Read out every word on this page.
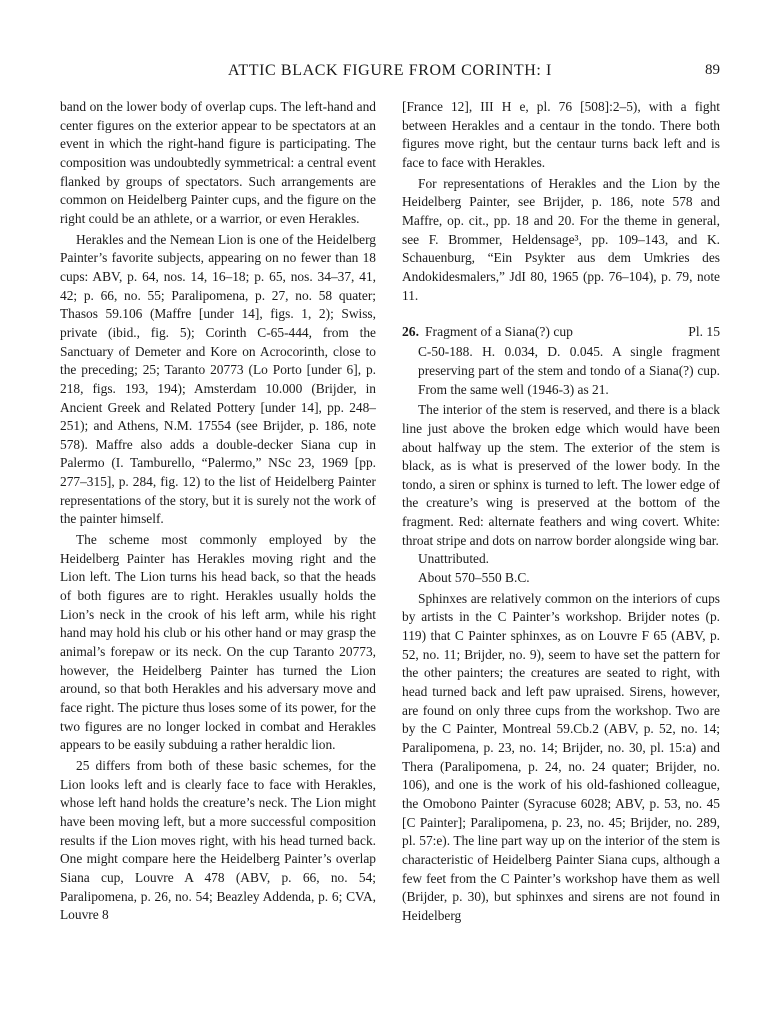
ATTIC BLACK FIGURE FROM CORINTH: I	89

band on the lower body of overlap cups. The left-hand and center figures on the exterior appear to be spectators at an event in which the right-hand figure is participating. The composition was undoubtedly symmetrical: a central event flanked by groups of spectators. Such arrangements are common on Heidelberg Painter cups, and the figure on the right could be an athlete, or a warrior, or even Herakles.

Herakles and the Nemean Lion is one of the Heidelberg Painter’s favorite subjects, appearing on no fewer than 18 cups: ABV, p. 64, nos. 14, 16–18; p. 65, nos. 34–37, 41, 42; p. 66, no. 55; Paralipomena, p. 27, no. 58 quater; Thasos 59.106 (Maffre [under 14], figs. 1, 2); Swiss, private (ibid., fig. 5); Corinth C-65-444, from the Sanctuary of Demeter and Kore on Acrocorinth, close to the preceding; 25; Taranto 20773 (Lo Porto [under 6], p. 218, figs. 193, 194); Amsterdam 10.000 (Brijder, in Ancient Greek and Related Pottery [under 14], pp. 248–251); and Athens, N.M. 17554 (see Brijder, p. 186, note 578). Maffre also adds a double-decker Siana cup in Palermo (I. Tamburello, “Palermo,” NSc 23, 1969 [pp. 277–315], p. 284, fig. 12) to the list of Heidelberg Painter representations of the story, but it is surely not the work of the painter himself.

The scheme most commonly employed by the Heidelberg Painter has Herakles moving right and the Lion left. The Lion turns his head back, so that the heads of both figures are to right. Herakles usually holds the Lion’s neck in the crook of his left arm, while his right hand may hold his club or his other hand or may grasp the animal’s forepaw or its neck. On the cup Taranto 20773, however, the Heidelberg Painter has turned the Lion around, so that both Herakles and his adversary move and face right. The picture thus loses some of its power, for the two figures are no longer locked in combat and Herakles appears to be easily subduing a rather heraldic lion.

25 differs from both of these basic schemes, for the Lion looks left and is clearly face to face with Herakles, whose left hand holds the creature’s neck. The Lion might have been moving left, but a more successful composition results if the Lion moves right, with his head turned back. One might compare here the Heidelberg Painter’s overlap Siana cup, Louvre A 478 (ABV, p. 66, no. 54; Paralipomena, p. 26, no. 54; Beazley Addenda, p. 6; CVA, Louvre 8

[France 12], III H e, pl. 76 [508]:2–5), with a fight between Herakles and a centaur in the tondo. There both figures move right, but the centaur turns back left and is face to face with Herakles.

For representations of Herakles and the Lion by the Heidelberg Painter, see Brijder, p. 186, note 578 and Maffre, op. cit., pp. 18 and 20. For the theme in general, see F. Brommer, Heldensage³, pp. 109–143, and K. Schauenburg, “Ein Psykter aus dem Umkries des Andokidesmalers,” JdI 80, 1965 (pp. 76–104), p. 79, note 11.

26. Fragment of a Siana(?) cup	Pl. 15

C-50-188. H. 0.034, D. 0.045. A single fragment preserving part of the stem and tondo of a Siana(?) cup. From the same well (1946-3) as 21.

The interior of the stem is reserved, and there is a black line just above the broken edge which would have been about halfway up the stem. The exterior of the stem is black, as is what is preserved of the lower body. In the tondo, a siren or sphinx is turned to left. The lower edge of the creature’s wing is preserved at the bottom of the fragment. Red: alternate feathers and wing covert. White: throat stripe and dots on narrow border alongside wing bar.

Unattributed.

About 570–550 B.C.

Sphinxes are relatively common on the interiors of cups by artists in the C Painter’s workshop. Brijder notes (p. 119) that C Painter sphinxes, as on Louvre F 65 (ABV, p. 52, no. 11; Brijder, no. 9), seem to have set the pattern for the other painters; the creatures are seated to right, with head turned back and left paw upraised. Sirens, however, are found on only three cups from the workshop. Two are by the C Painter, Montreal 59.Cb.2 (ABV, p. 52, no. 14; Paralipomena, p. 23, no. 14; Brijder, no. 30, pl. 15:a) and Thera (Paralipomena, p. 24, no. 24 quater; Brijder, no. 106), and one is the work of his old-fashioned colleague, the Omobono Painter (Syracuse 6028; ABV, p. 53, no. 45 [C Painter]; Paralipomena, p. 23, no. 45; Brijder, no. 289, pl. 57:e). The line part way up on the interior of the stem is characteristic of Heidelberg Painter Siana cups, although a few feet from the C Painter’s workshop have them as well (Brijder, p. 30), but sphinxes and sirens are not found in Heidelberg
